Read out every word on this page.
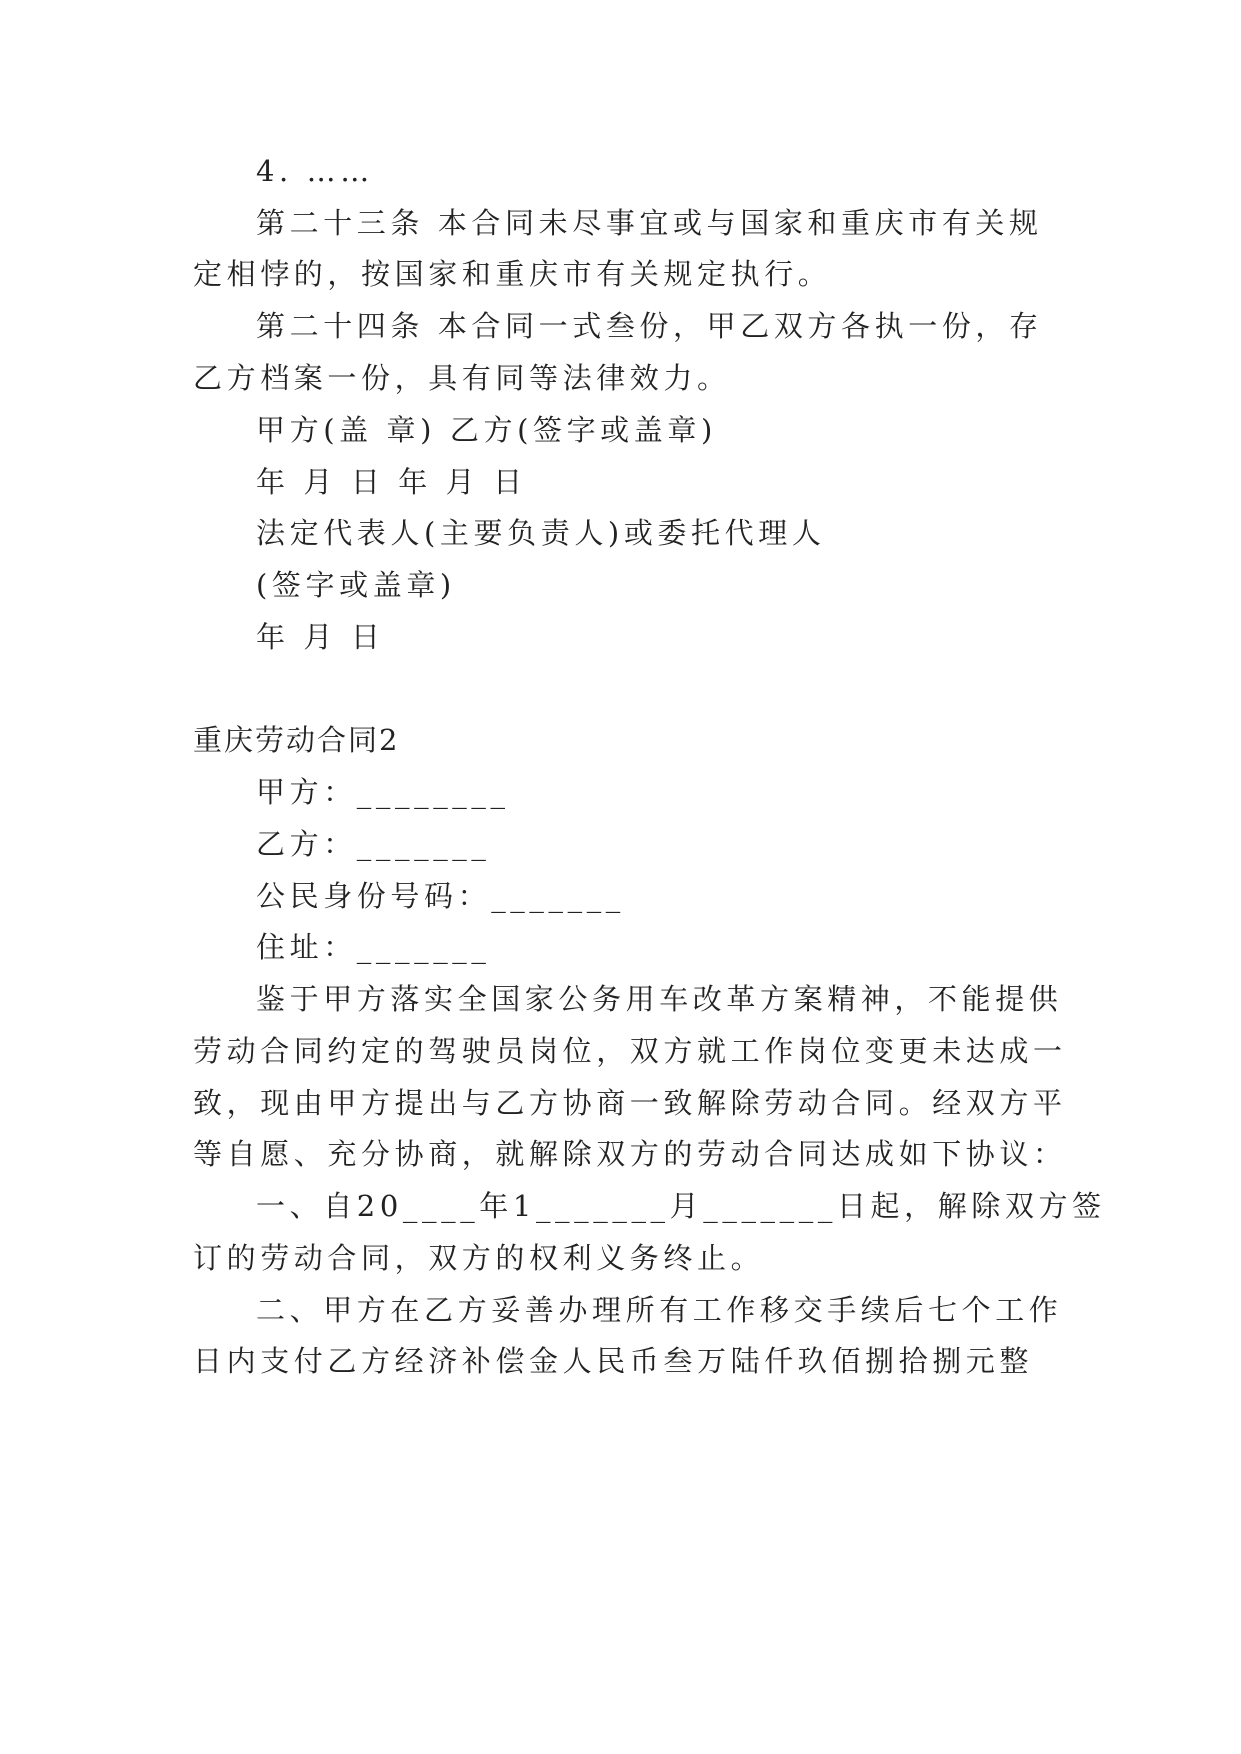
4. ……
第二十三条 本合同未尽事宜或与国家和重庆市有关规
定相悖的，按国家和重庆市有关规定执行。
第二十四条 本合同一式叁份，甲乙双方各执一份，存
乙方档案一份，具有同等法律效力。
甲方(盖 章) 乙方(签字或盖章)
年 月 日 年 月 日
法定代表人(主要负责人)或委托代理人
(签字或盖章)
年 月 日
重庆劳动合同2
甲方：________
乙方：_______
公民身份号码：_______
住址：_______
鉴于甲方落实全国家公务用车改革方案精神，不能提供
劳动合同约定的驾驶员岗位，双方就工作岗位变更未达成一
致，现由甲方提出与乙方协商一致解除劳动合同。经双方平
等自愿、充分协商，就解除双方的劳动合同达成如下协议：
一、自20____年1_______月_______日起，解除双方签
订的劳动合同，双方的权利义务终止。
二、甲方在乙方妥善办理所有工作移交手续后七个工作
日内支付乙方经济补偿金人民币叁万陆仟玖佰捌拾捌元整
